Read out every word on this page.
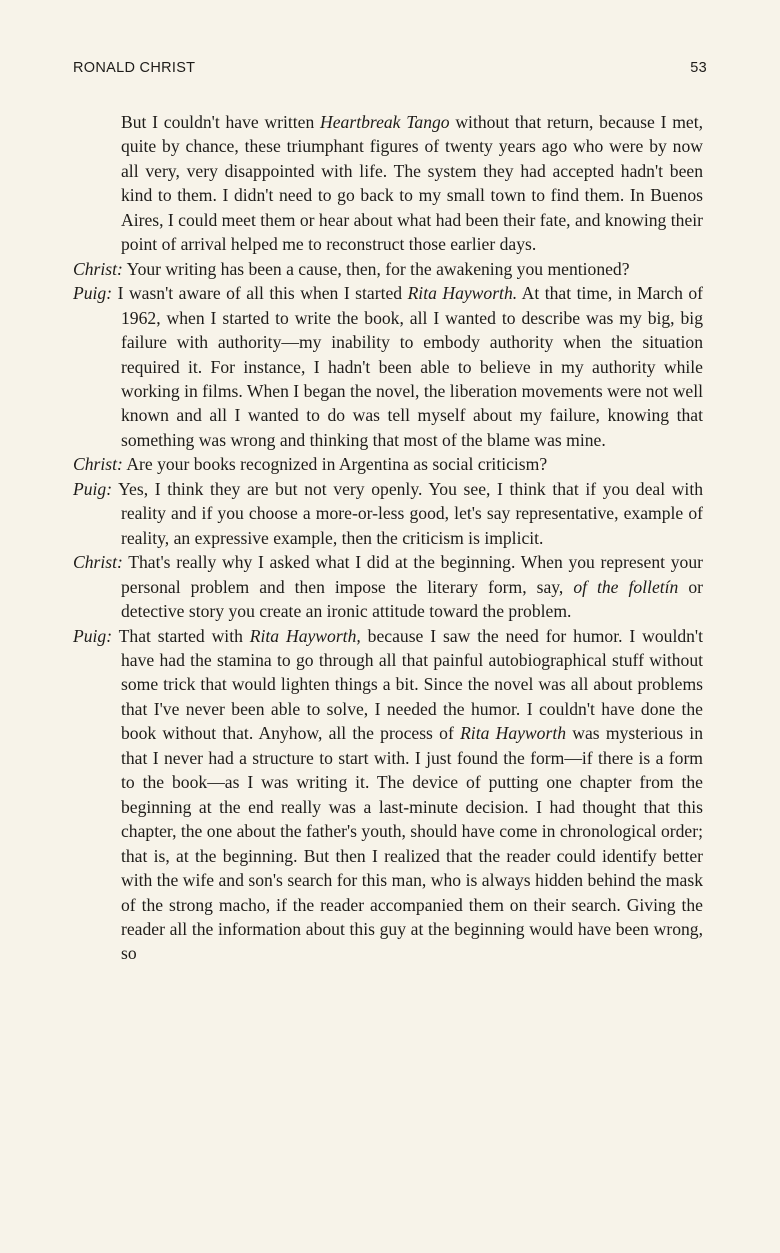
RONALD CHRIST	53

But I couldn't have written Heartbreak Tango without that return, because I met, quite by chance, these triumphant figures of twenty years ago who were by now all very, very disappointed with life. The system they had accepted hadn't been kind to them. I didn't need to go back to my small town to find them. In Buenos Aires, I could meet them or hear about what had been their fate, and knowing their point of arrival helped me to reconstruct those earlier days.

Christ: Your writing has been a cause, then, for the awakening you mentioned?

Puig: I wasn't aware of all this when I started Rita Hayworth. At that time, in March of 1962, when I started to write the book, all I wanted to describe was my big, big failure with authority—my inability to embody authority when the situation required it. For instance, I hadn't been able to believe in my authority while working in films. When I began the novel, the liberation movements were not well known and all I wanted to do was tell myself about my failure, knowing that something was wrong and thinking that most of the blame was mine.

Christ: Are your books recognized in Argentina as social criticism?

Puig: Yes, I think they are but not very openly. You see, I think that if you deal with reality and if you choose a more-or-less good, let's say representative, example of reality, an expressive example, then the criticism is implicit.

Christ: That's really why I asked what I did at the beginning. When you represent your personal problem and then impose the literary form, say, of the folletín or detective story you create an ironic attitude toward the problem.

Puig: That started with Rita Hayworth, because I saw the need for humor. I wouldn't have had the stamina to go through all that painful autobiographical stuff without some trick that would lighten things a bit. Since the novel was all about problems that I've never been able to solve, I needed the humor. I couldn't have done the book without that. Anyhow, all the process of Rita Hayworth was mysterious in that I never had a structure to start with. I just found the form—if there is a form to the book—as I was writing it. The device of putting one chapter from the beginning at the end really was a last-minute decision. I had thought that this chapter, the one about the father's youth, should have come in chronological order; that is, at the beginning. But then I realized that the reader could identify better with the wife and son's search for this man, who is always hidden behind the mask of the strong macho, if the reader accompanied them on their search. Giving the reader all the information about this guy at the beginning would have been wrong, so
